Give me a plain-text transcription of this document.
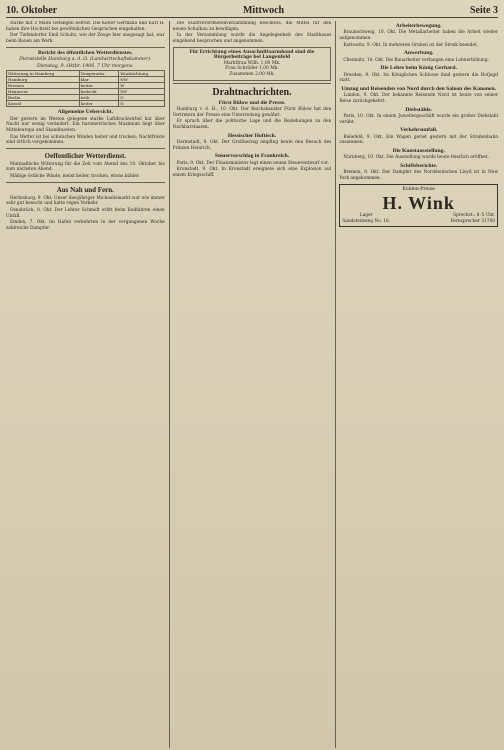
10. Oktober	Mittwoch	Seite 3

starke mit 3 Mann Gefangen befreit. Die Kelter Germana und Karl H. haben ihre Hochzeit bei gewöhnlichen Gesprächen eingehalten.

Der Tiefendorfer Emil Schultz, wie der Zeuge hier ausgesagt hat, war beim Bauen am Werk.

Bericht des öffentlichen Wetterdienstes.
Dienststelle Hamburg a. d. O. (Landwirtschaftskammer).
Dienstag, 9. Oktbr. 1906, 7 Uhr morgens.
Witterung in Hamburg	Temperatur	Windrichtung
Hamburg	klar	NW
Bremen	heiter	W
Hannover	bedeckt	SW
Berlin	trüb	O
Kassel	heiter	N
Allgemeine Uebersicht.

Der gestern im Westen gelegene starke Luftdruckwirbel hat über Nacht nur wenig verändert. Ein barometrisches Maximum liegt über Mitteleuropa und Skandinavien.

Das Wetter ist bei schwachen Winden heiter und trocken; Nachtfröste sind örtlich vorgekommen.

Oeffentlicher Wetterdienst.

Mutmaßliche Witterung für die Zeit vom Abend des 10. Oktober bis zum nächsten Abend.

Mäßige östliche Winde, meist heiter, trocken, etwas kühler.

Aus Nah und Fern.

Herbisburg, 9. Okt. Unser diesjähriger Michaelismarkt war wie immer sehr gut besucht und hatte regen Verkehr.

Osnabrück, 8. Okt. Der Lehrer Schmidt erlitt beim Radfahren einen Unfall.

Emden, 7. Okt. Im Hafen verkehrten in der vergangenen Woche zahlreiche Dampfer.

Die Stadtverordnetenversammlung beschloss, die Mittel für den neuen Schulbau zu bewilligen.

In der Versammlung wurde die Angelegenheit des Stadtbaues eingehend besprochen und angenommen.

Für Errichtung eines Ausschnittsarmband sind die Bürgerbeiträge bei Langenfeld
Marktfrau Wilh. 1,00 Mk.
Frau Schröder 1,00 Mk.
Zusammen 2,00 Mk.
Drahtnachrichten.
Fürst Bülow und die Presse.

Hamburg v. d. H., 10. Okt. Der Reichskanzler Fürst Bülow hat den Vertretern der Presse eine Unterredung gewährt.

Er sprach über die politische Lage und die Beziehungen zu den Nachbarstaaten.

Hessischer Hoftisch.

Darmstadt, 9. Okt. Der Großherzog empfing heute den Besuch des Prinzen Heinrich.

Steuervorschlag in Frankreich.

Paris, 9. Okt. Der Finanzminister legt einen neuen Steuerentwurf vor.

Kronstadt, 9. Okt. In Kronstadt ereignete sich eine Explosion auf einem Kriegsschiff.

Arbeiterbewegung.

Braunschweig, 10. Okt. Die Metallarbeiter haben die Arbeit wieder aufgenommen.

Kattowitz, 9. Okt. In mehreren Gruben ist der Streik beendet.

Anwerbung.

Chemnitz, 10. Okt. Die Bauarbeiter verlangen eine Lohnerhöhung.

Die Lehre beim König Gerhard.

Dresden, 9. Okt. Im Königlichen Schlosse fand gestern die Hofjagd statt.

Umzug und Reisenden von Nord durch den Saloon des Kanonen.

London, 9. Okt. Der bekannte Reisende Nord ist heute von seiner Reise zurückgekehrt.

Diebstähle.

Paris, 10. Okt. In einem Juweliergeschäft wurde ein großer Diebstahl verübt.

Verkehrsunfall.

Bielefeld, 9. Okt. Ein Wagen geriet gestern mit der Straßenbahn zusammen.

Die Kunstausstellung.

Nürnberg, 10. Okt. Die Ausstellung wurde heute feierlich eröffnet.

Schiffsberichte.

Bremen, 9. Okt. Der Dampfer des Norddeutschen Lloyd ist in New York angekommen.

Kohlen-Preise
H. Wink
Lager
Sandsteinweg No. 18.
Sprechst.: 8–5 Uhr.
Fernsprecher 31700
